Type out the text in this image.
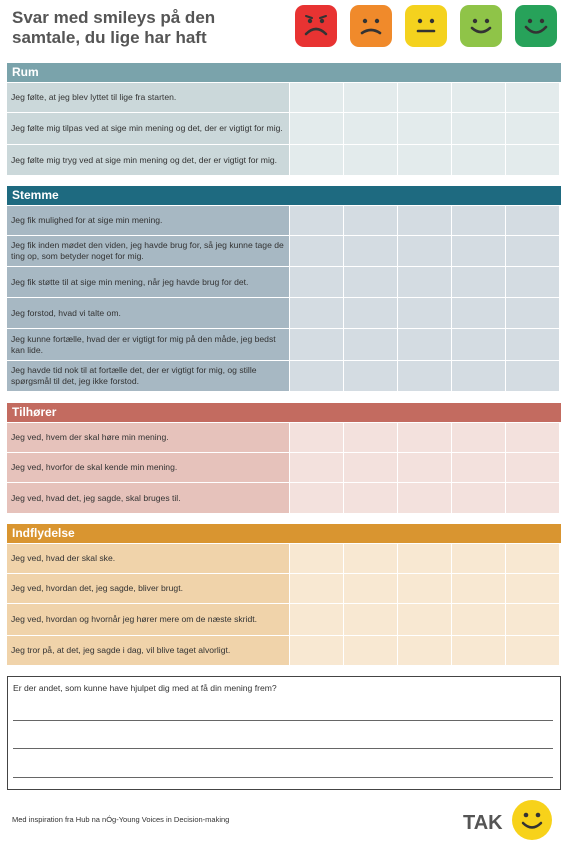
Svar med smileys på den samtale, du lige har haft
Rum
Jeg følte, at jeg blev lyttet til lige fra starten.
Jeg følte mig tilpas ved at sige min mening og det, der er vigtigt for mig.
Jeg følte mig tryg ved at sige min mening og det, der er vigtigt for mig.
Stemme
Jeg fik mulighed for at sige min mening.
Jeg fik inden mødet den viden, jeg havde brug for, så jeg kunne tage de ting op, som betyder noget for mig.
Jeg fik støtte til at sige min mening, når jeg havde brug for det.
Jeg forstod, hvad vi talte om.
Jeg kunne fortælle, hvad der er vigtigt for mig på den måde, jeg bedst kan lide.
Jeg havde tid nok til at fortælle det, der er vigtigt for mig, og stille spørgsmål til det, jeg ikke forstod.
Tilhører
Jeg ved, hvem der skal høre min mening.
Jeg ved, hvorfor de skal kende min mening.
Jeg ved, hvad det, jeg sagde, skal bruges til.
Indflydelse
Jeg ved, hvad der skal ske.
Jeg ved, hvordan det, jeg sagde, bliver brugt.
Jeg ved, hvordan og hvornår jeg hører mere om de næste skridt.
Jeg tror på, at det, jeg sagde i dag, vil blive taget alvorligt.
Er der andet, som kunne have hjulpet dig med at få din mening frem?
Med inspiration fra Hub na nÓg-Young Voices in Decision-making	TAK
